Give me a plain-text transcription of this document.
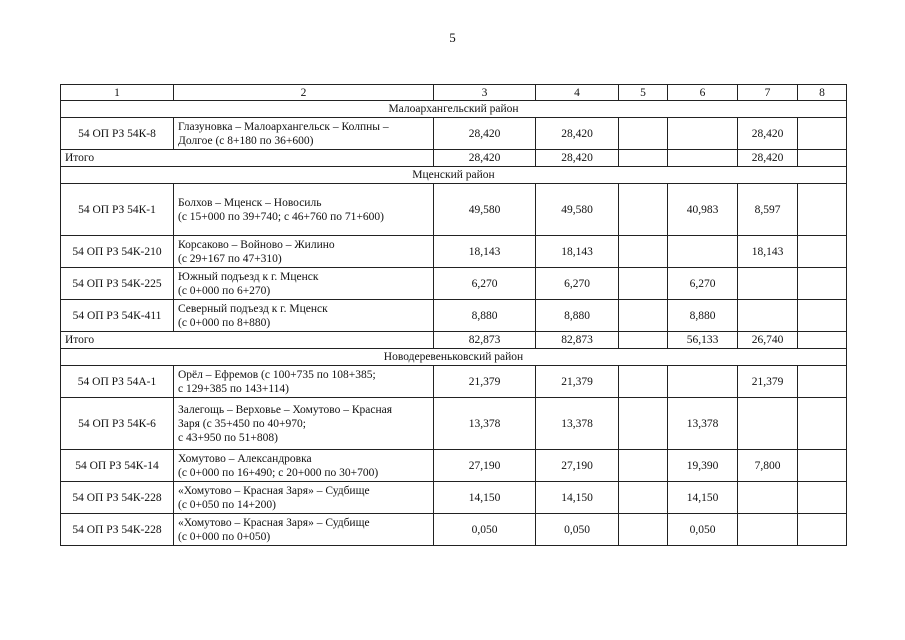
5
1	2	3	4	5	6	7	8
Малоархангельский район							
54 ОП РЗ 54К-8	Глазуновка – Малоархангельск – Колпны –
Долгое (с 8+180 по 36+600)	28,420	28,420			28,420	
Итого		28,420	28,420			28,420	
Мценский район							
54 ОП РЗ 54К-1	Болхов – Мценск – Новосиль
(с 15+000 по 39+740; с 46+760 по 71+600)	49,580	49,580		40,983	8,597	
54 ОП РЗ 54К-210	Корсаково – Войново – Жилино
(с 29+167 по 47+310)	18,143	18,143			18,143	
54 ОП РЗ 54К-225	Южный подъезд к г. Мценск
(с 0+000 по 6+270)	6,270	6,270		6,270		
54 ОП РЗ 54К-411	Северный подъезд к г. Мценск
(с 0+000 по 8+880)	8,880	8,880		8,880		
Итого		82,873	82,873		56,133	26,740	
Новодеревеньковский район							
54 ОП РЗ 54А-1	Орёл – Ефремов (с 100+735 по 108+385;
с 129+385 по 143+114)	21,379	21,379			21,379	
54 ОП РЗ 54К-6	Залегощь – Верховье – Хомутово – Красная
Заря (с 35+450 по 40+970;
с 43+950 по 51+808)	13,378	13,378		13,378		
54 ОП РЗ 54К-14	Хомутово – Александровка
(с 0+000 по 16+490; с 20+000 по 30+700)	27,190	27,190		19,390	7,800	
54 ОП РЗ 54К-228	«Хомутово – Красная Заря» – Судбище
(с 0+050 по 14+200)	14,150	14,150		14,150		
54 ОП РЗ 54К-228	«Хомутово – Красная Заря» – Судбище
(с 0+000 по 0+050)	0,050	0,050		0,050		
